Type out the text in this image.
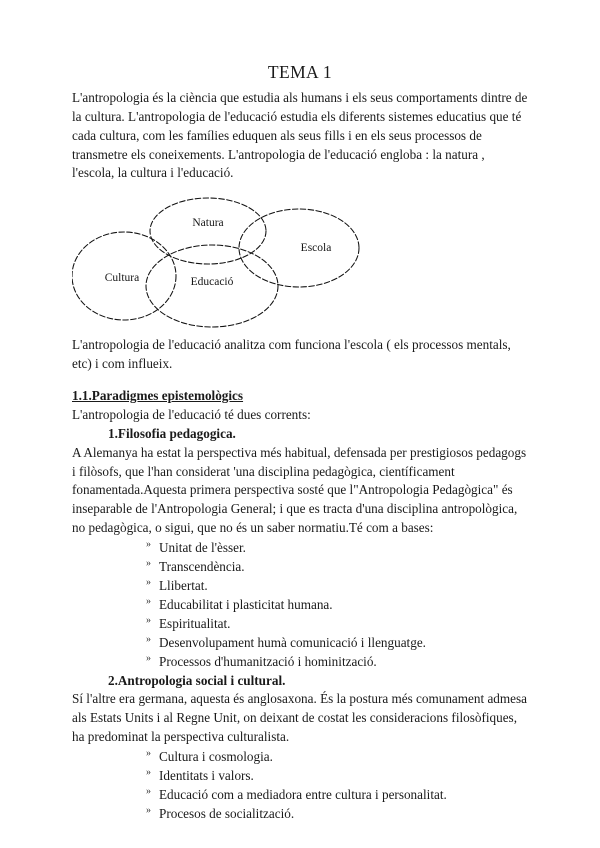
TEMA 1

L'antropologia és la ciència que estudia als humans i els seus comportaments dintre de la cultura. L'antropologia de l'educació estudia els diferents sistemes educatius que té cada cultura, com les famílies eduquen als seus fills i en els seus processos de transmetre els coneixements. L'antropologia de l'educació engloba : la natura , l'escola, la cultura i l'educació.

Natura
Escola
Cultura	Educació

L'antropologia de l'educació analitza com funciona l'escola ( els processos mentals, etc) i com influeix.

1.1.Paradigmes epistemològics

L'antropologia de l'educació té dues corrents:

1.Filosofia pedagogica.

A Alemanya ha estat la perspectiva més habitual, defensada per prestigiosos pedagogs i filòsofs, que l'han considerat 'una disciplina pedagògica, científicament fonamentada.Aquesta primera perspectiva sosté que l"Antropologia Pedagògica" és inseparable de l'Antropologia General; i que es tracta d'una disciplina antropològica, no pedagògica, o sigui, que no és un saber normatiu.Té com a bases:

» Unitat de l'èsser.
» Transcendència.
» Llibertat.
» Educabilitat i plasticitat humana.
» Espiritualitat.
» Desenvolupament humà comunicació i llenguatge.
» Processos d'humanització i hominització.

2.Antropologia social i cultural.

Sí l'altre era germana, aquesta és anglosaxona. És la postura més comunament admesa als Estats Units i al Regne Unit, on deixant de costat les consideracions filosòfiques, ha predominat la perspectiva culturalista.

» Cultura i cosmologia.
» Identitats i valors.
» Educació com a mediadora entre cultura i personalitat.
» Procesos de socialització.
